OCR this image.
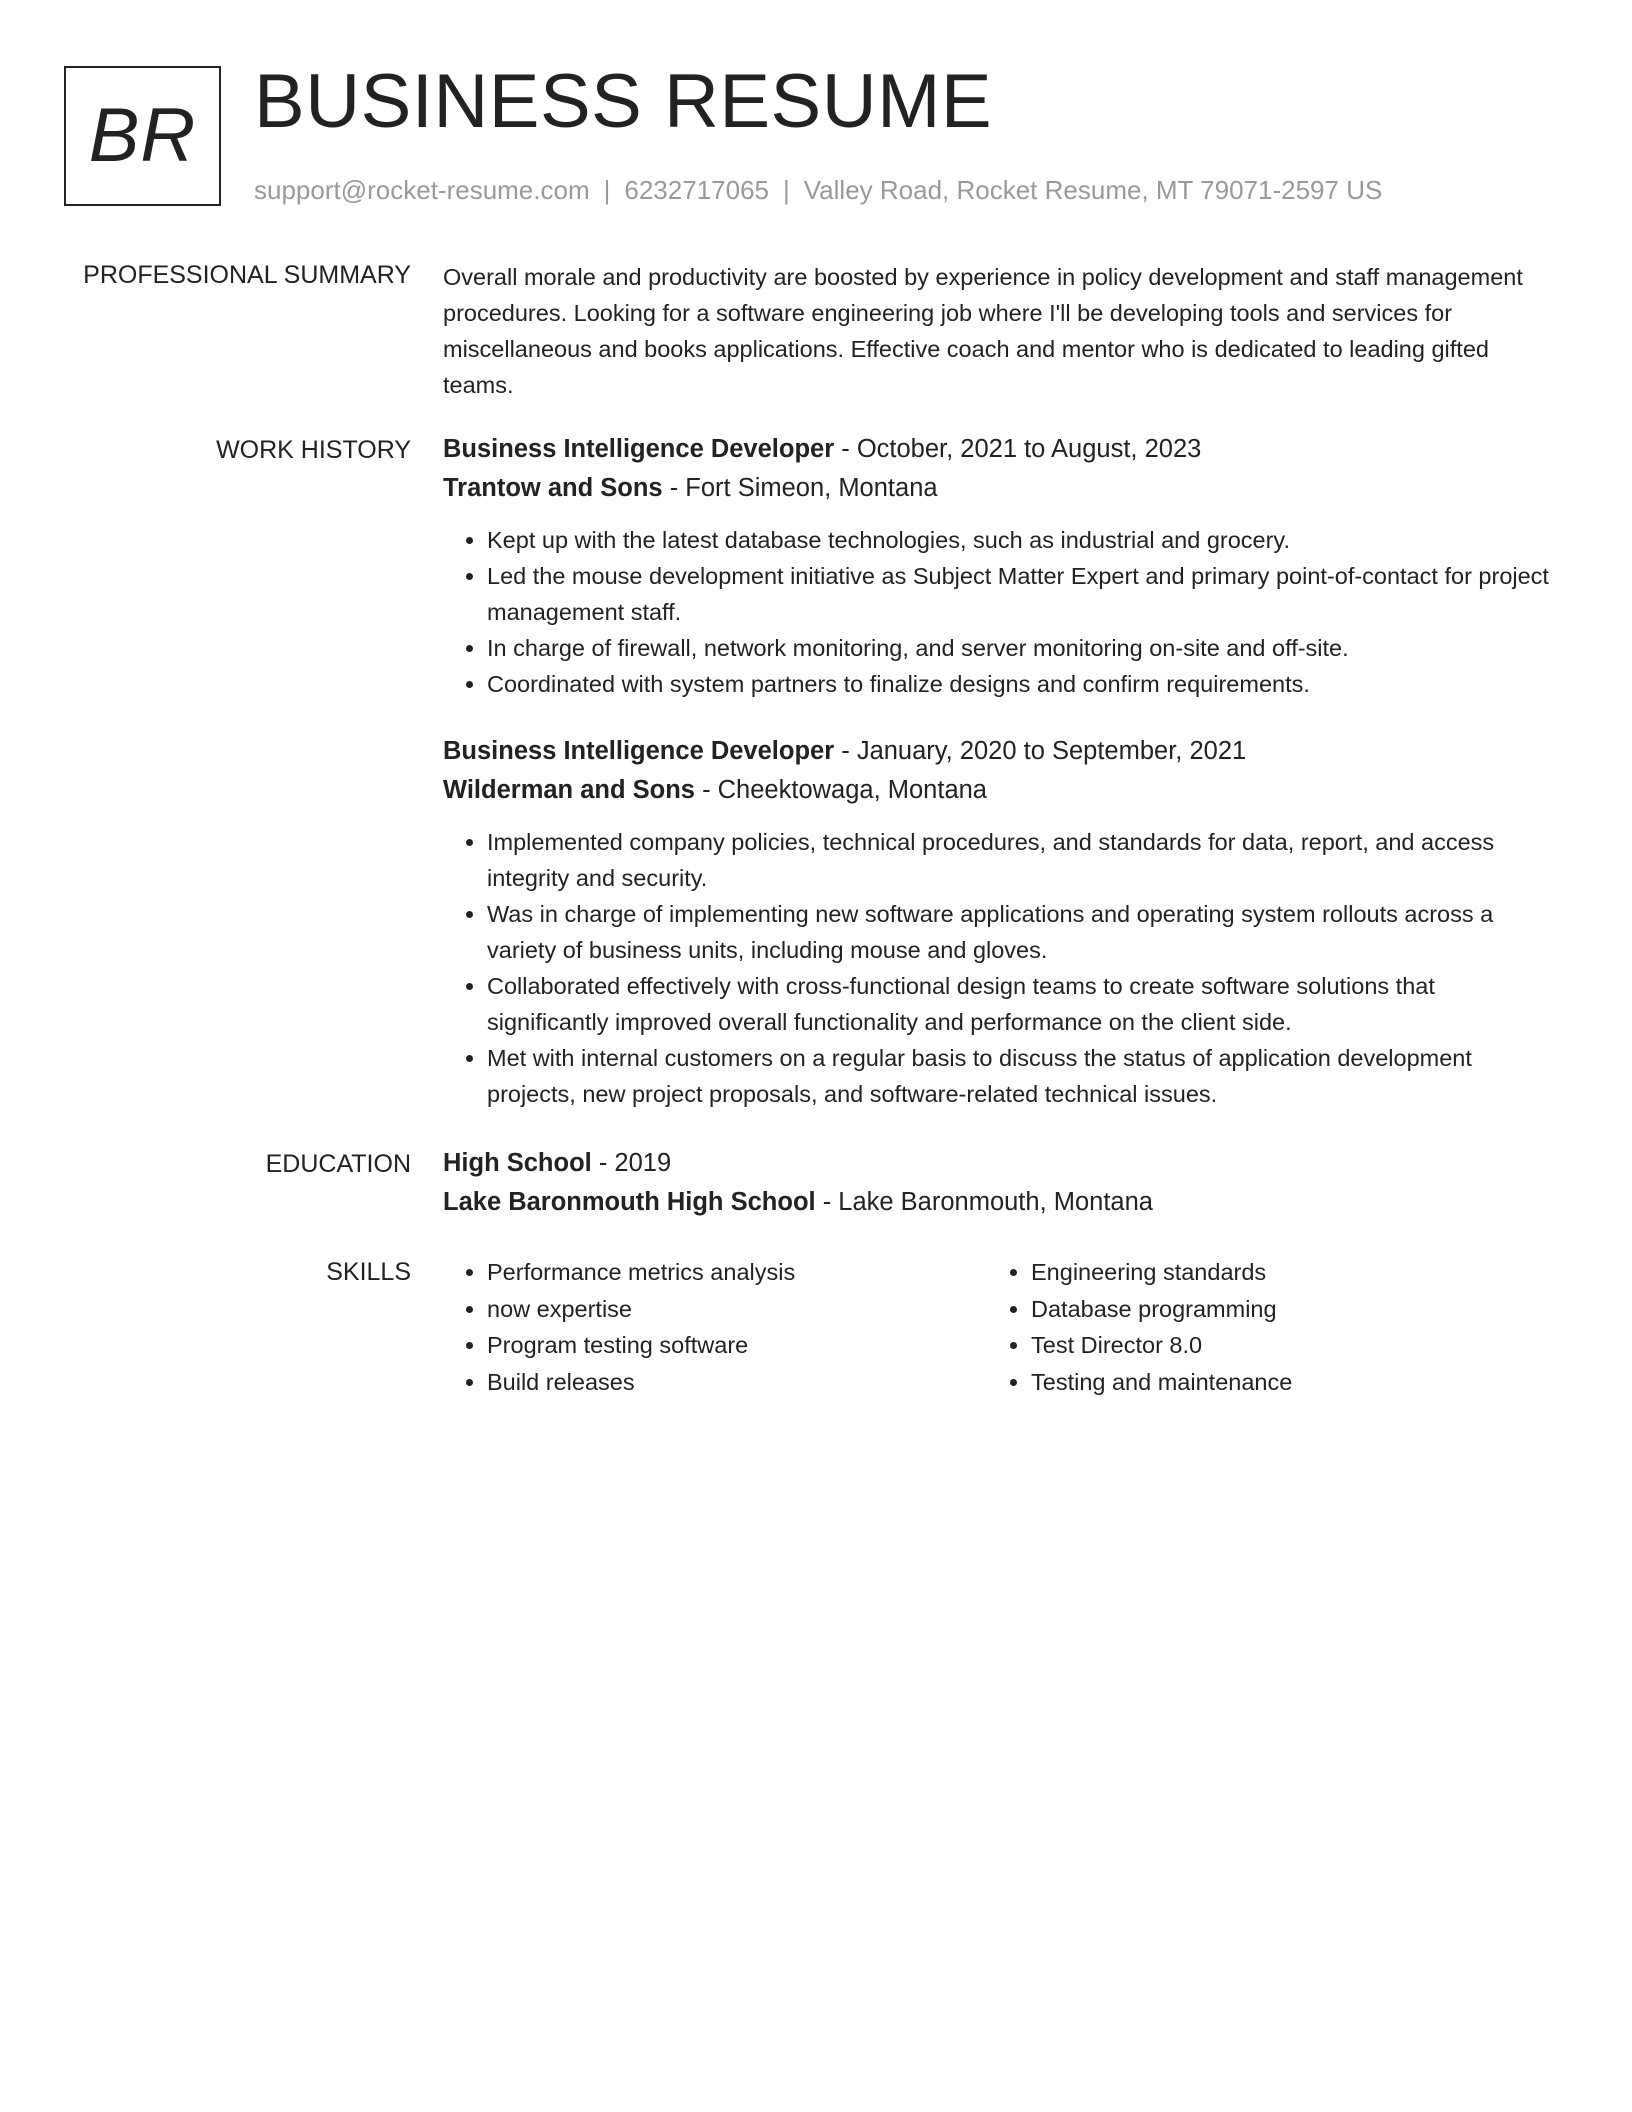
BR BUSINESS RESUME
support@rocket-resume.com | 6232717065 | Valley Road, Rocket Resume, MT 79071-2597 US
PROFESSIONAL SUMMARY Overall morale and productivity are boosted by experience in policy development and staff management procedures. Looking for a software engineering job where I'll be developing tools and services for miscellaneous and books applications. Effective coach and mentor who is dedicated to leading gifted teams.

WORK HISTORY Business Intelligence Developer - October, 2021 to August, 2023
Trantow and Sons - Fort Simeon, Montana
• Kept up with the latest database technologies, such as industrial and grocery.
• Led the mouse development initiative as Subject Matter Expert and primary point-of-contact for project management staff.
• In charge of firewall, network monitoring, and server monitoring on-site and off-site.
• Coordinated with system partners to finalize designs and confirm requirements.
Business Intelligence Developer - January, 2020 to September, 2021
Wilderman and Sons - Cheektowaga, Montana
• Implemented company policies, technical procedures, and standards for data, report, and access integrity and security.
• Was in charge of implementing new software applications and operating system rollouts across a variety of business units, including mouse and gloves.
• Collaborated effectively with cross-functional design teams to create software solutions that significantly improved overall functionality and performance on the client side.
• Met with internal customers on a regular basis to discuss the status of application development projects, new project proposals, and software-related technical issues.
EDUCATION High School - 2019
Lake Baronmouth High School - Lake Baronmouth, Montana
SKILLS
•	Performance metrics analysis
• now expertise
• Program testing software
• Build releases
• Engineering standards
• Database programming
• Test Director 8.0
• Testing and maintenance
